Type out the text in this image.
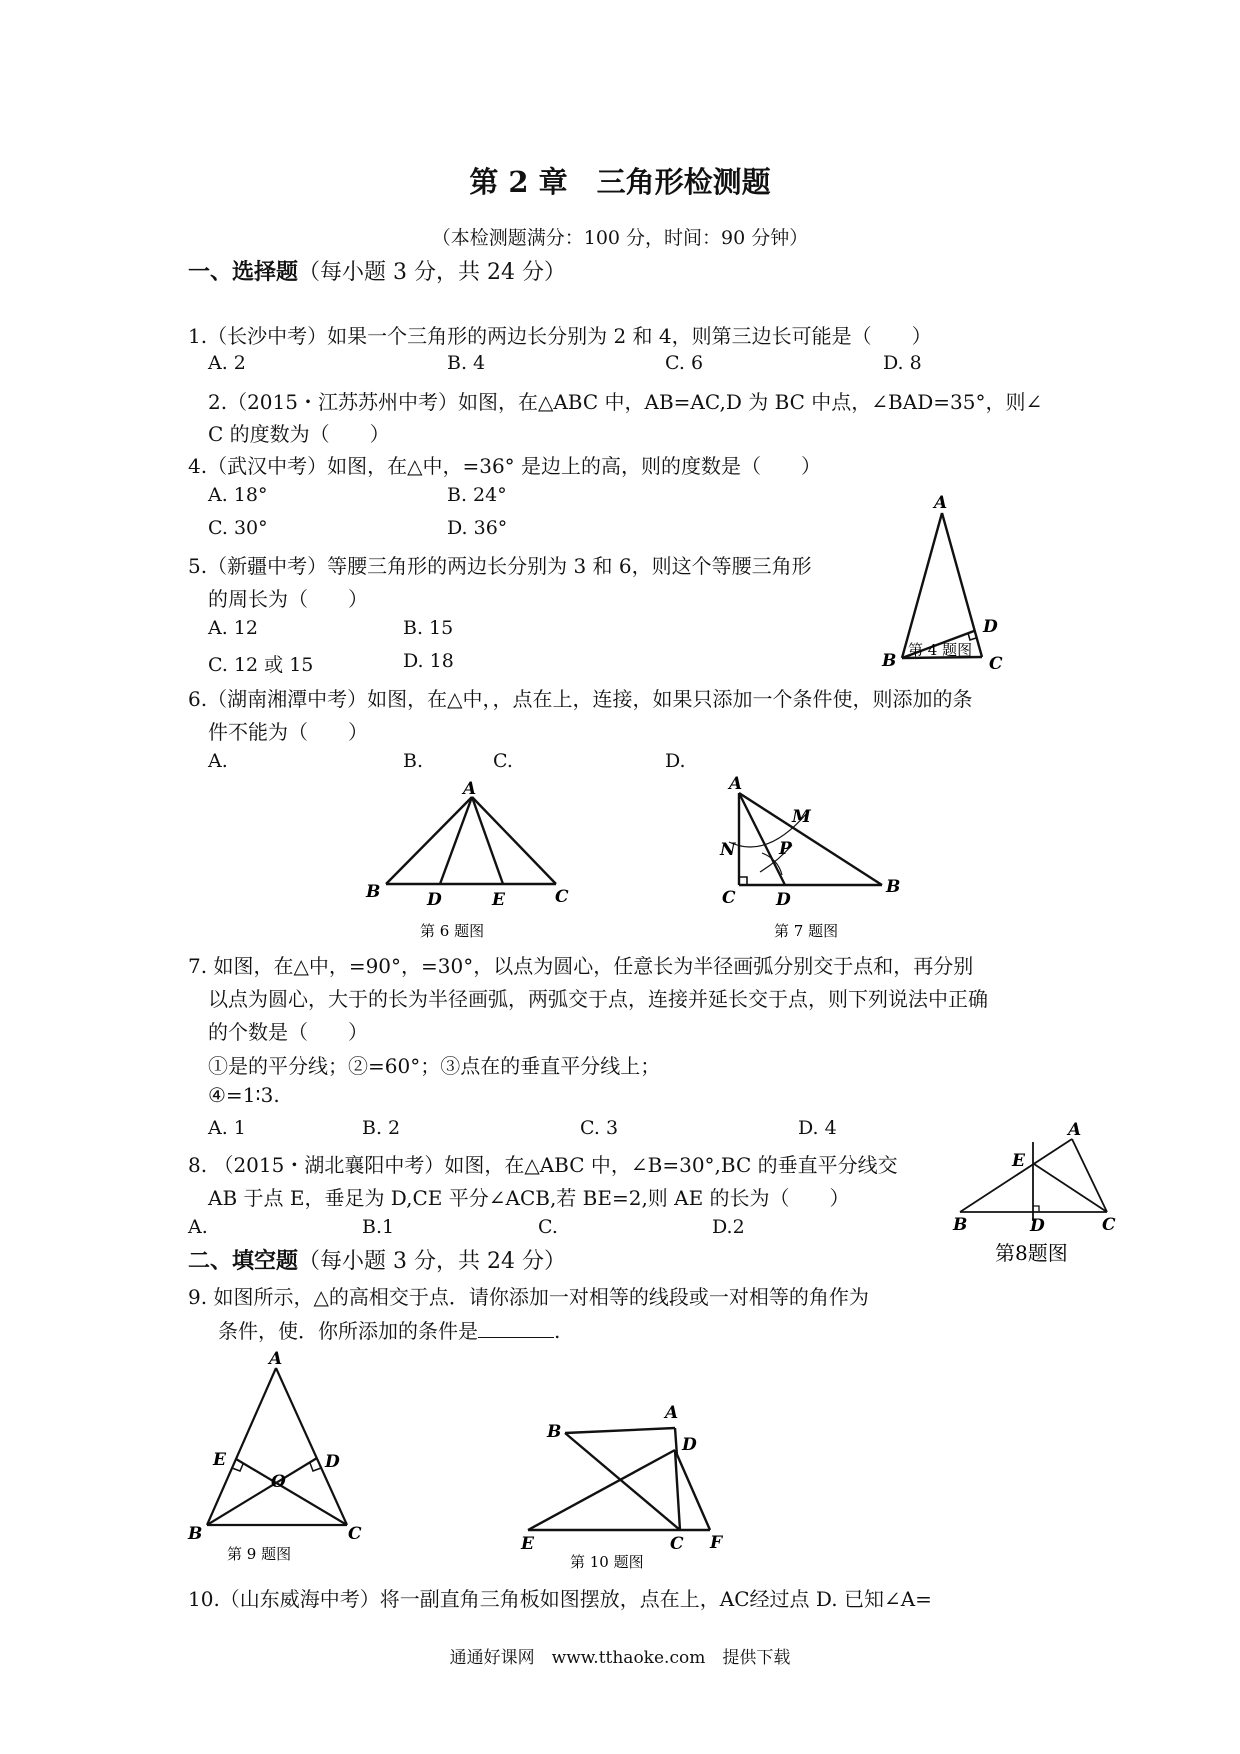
第 2 章　三角形检测题
（本检测题满分：100 分，时间：90 分钟）
一、选择题（每小题 3 分，共 24 分）
1.（长沙中考）如果一个三角形的两边长分别为 2 和 4，则第三边长可能是（　　）
A. 2	B. 4	C. 6	D. 8
2.（2015・江苏苏州中考）如图，在△ABC 中，AB=AC,D 为 BC 中点，∠BAD=35°，则∠
C 的度数为（　　）
4.（武汉中考）如图，在△中，=36° 是边上的高，则的度数是（　　）
A. 18°	B. 24°
C. 30°	D. 36°
5.（新疆中考）等腰三角形的两边长分别为 3 和 6，则这个等腰三角形
的周长为（　　）
A. 12	B. 15
C. 12 或 15	D. 18
A
B	C
D
第 4 题图
6.（湖南湘潭中考）如图，在△中，，点在上，连接，如果只添加一个条件使，则添加的条
件不能为（　　）
A.	B.	C.	D.
A
B	D	E	C
第 6 题图
A
M
N	P
C D
B
第 7 题图
7. 如图，在△中，=90°，=30°，以点为圆心，任意长为半径画弧分别交于点和，再分别
以点为圆心，大于的长为半径画弧，两弧交于点，连接并延长交于点，则下列说法中正确
的个数是（　　）
①是的平分线；②=60°；③点在的垂直平分线上；
④=1∶3.
A. 1	B. 2	C. 3	D. 4
8. （2015・湖北襄阳中考）如图，在△ABC 中，∠B=30°,BC 的垂直平分线交
AB 于点 E，垂足为 D,CE 平分∠ACB,若 BE=2,则 AE 的长为（　　）
A.	B.1	C.	D.2
A
E
B	D	C
第8题图
二、填空题（每小题 3 分，共 24 分）
9. 如图所示，△的高相交于点．请你添加一对相等的线段或一对相等的角作为
条件，使．你所添加的条件是	.
A
E
O
D
B	C
第 9 题图
A
B
D
E	C F
第 10 题图
10.（山东威海中考）将一副直角三角板如图摆放，点在上，AC经过点 D. 已知∠A=
通通好课网　www.tthaoke.com　提供下载
